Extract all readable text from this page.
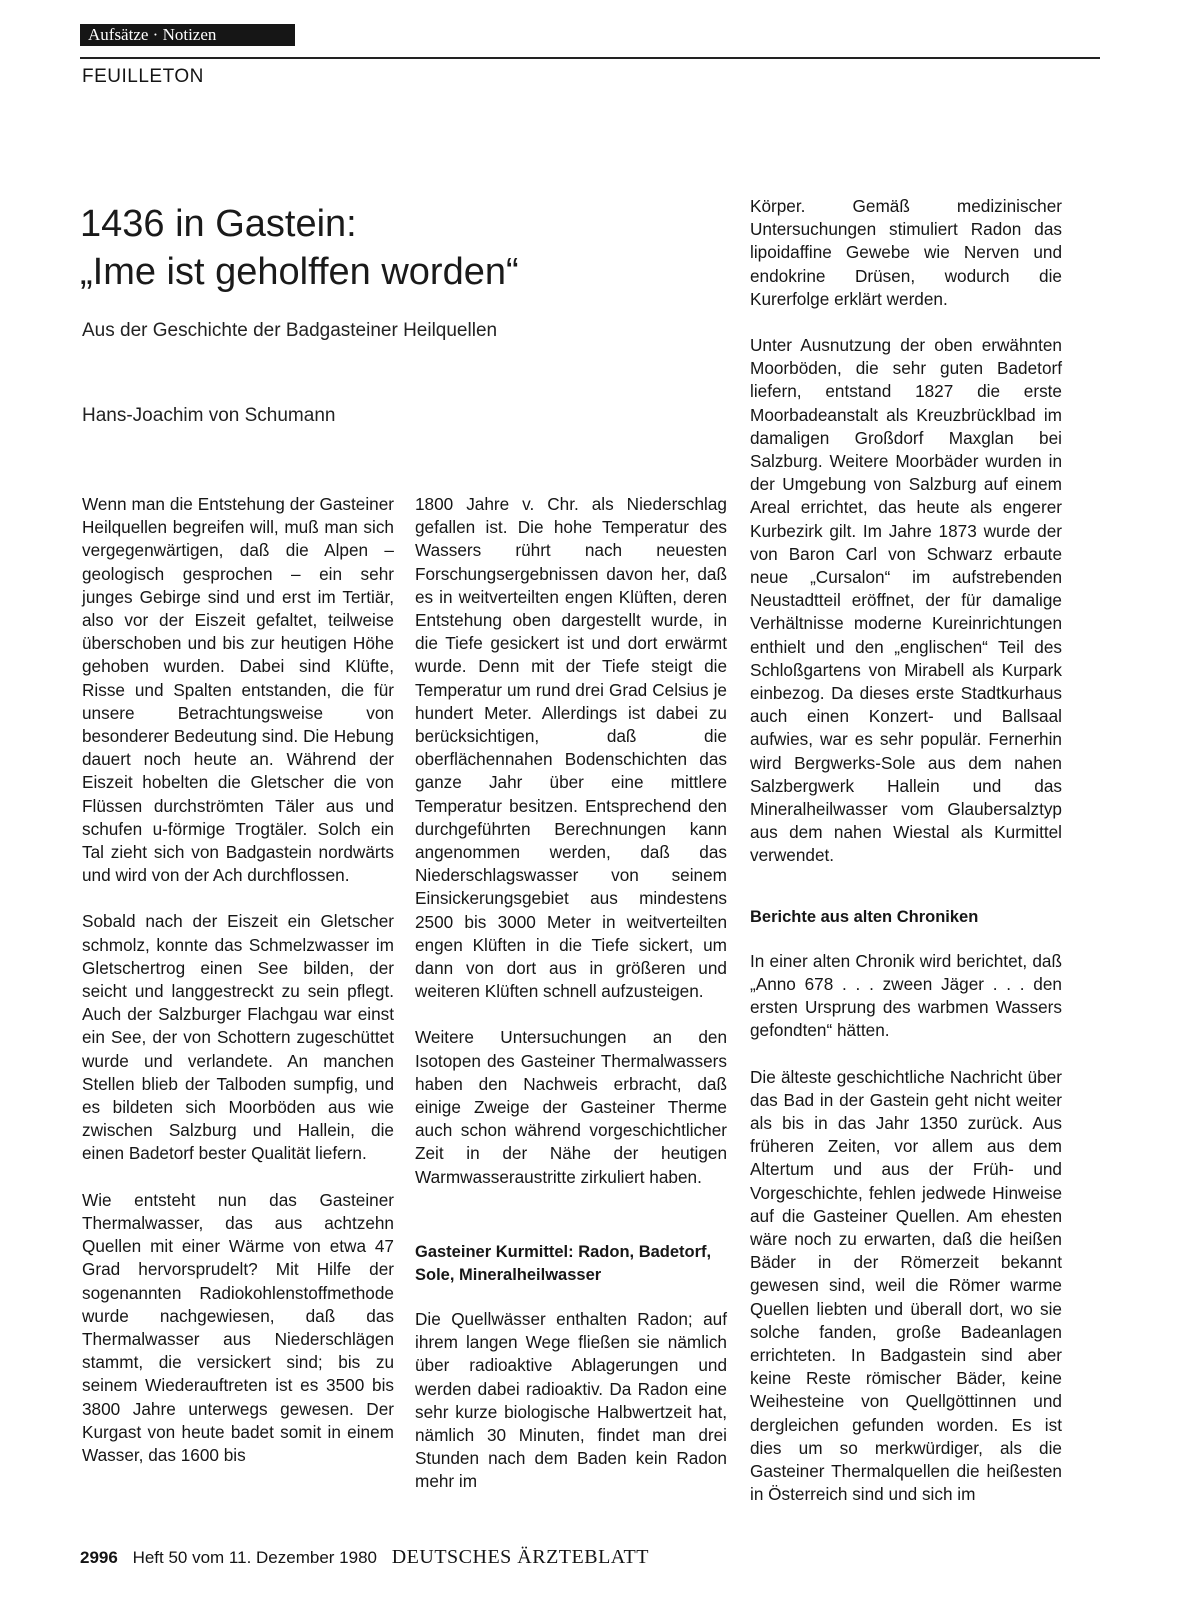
Aufsätze · Notizen
FEUILLETON
1436 in Gastein:
„Ime ist geholffen worden“
Aus der Geschichte der Badgasteiner Heilquellen
Hans-Joachim von Schumann

Wenn man die Entstehung der Gasteiner Heilquellen begreifen will, muß man sich vergegenwärtigen, daß die Alpen – geologisch gesprochen – ein sehr junges Gebirge sind und erst im Tertiär, also vor der Eiszeit gefaltet, teilweise überschoben und bis zur heutigen Höhe gehoben wurden. Dabei sind Klüfte, Risse und Spalten entstanden, die für unsere Betrachtungsweise von besonderer Bedeutung sind. Die Hebung dauert noch heute an. Während der Eiszeit hobelten die Gletscher die von Flüssen durchströmten Täler aus und schufen u-förmige Trogtäler. Solch ein Tal zieht sich von Badgastein nordwärts und wird von der Ach durchflossen.

Sobald nach der Eiszeit ein Gletscher schmolz, konnte das Schmelzwasser im Gletschertrog einen See bilden, der seicht und langgestreckt zu sein pflegt. Auch der Salzburger Flachgau war einst ein See, der von Schottern zugeschüttet wurde und verlandete. An manchen Stellen blieb der Talboden sumpfig, und es bildeten sich Moorböden aus wie zwischen Salzburg und Hallein, die einen Badetorf bester Qualität liefern.

Wie entsteht nun das Gasteiner Thermalwasser, das aus achtzehn Quellen mit einer Wärme von etwa 47 Grad hervorsprudelt? Mit Hilfe der sogenannten Radiokohlenstoffmethode wurde nachgewiesen, daß das Thermalwasser aus Niederschlägen stammt, die versickert sind; bis zu seinem Wiederauftreten ist es 3500 bis 3800 Jahre unterwegs gewesen. Der Kurgast von heute badet somit in einem Wasser, das 1600 bis

1800 Jahre v. Chr. als Niederschlag gefallen ist. Die hohe Temperatur des Wassers rührt nach neuesten Forschungsergebnissen davon her, daß es in weitverteilten engen Klüften, deren Entstehung oben dargestellt wurde, in die Tiefe gesickert ist und dort erwärmt wurde. Denn mit der Tiefe steigt die Temperatur um rund drei Grad Celsius je hundert Meter. Allerdings ist dabei zu berücksichtigen, daß die oberflächennahen Bodenschichten das ganze Jahr über eine mittlere Temperatur besitzen. Entsprechend den durchgeführten Berechnungen kann angenommen werden, daß das Niederschlagswasser von seinem Einsickerungsgebiet aus mindestens 2500 bis 3000 Meter in weitverteilten engen Klüften in die Tiefe sickert, um dann von dort aus in größeren und weiteren Klüften schnell aufzusteigen.

Weitere Untersuchungen an den Isotopen des Gasteiner Thermalwassers haben den Nachweis erbracht, daß einige Zweige der Gasteiner Therme auch schon während vorgeschichtlicher Zeit in der Nähe der heutigen Warmwasseraustritte zirkuliert haben.

Gasteiner Kurmittel: Radon, Badetorf, Sole, Mineralheilwasser

Die Quellwässer enthalten Radon; auf ihrem langen Wege fließen sie nämlich über radioaktive Ablagerungen und werden dabei radioaktiv. Da Radon eine sehr kurze biologische Halbwertzeit hat, nämlich 30 Minuten, findet man drei Stunden nach dem Baden kein Radon mehr im

Körper. Gemäß medizinischer Untersuchungen stimuliert Radon das lipoidaffine Gewebe wie Nerven und endokrine Drüsen, wodurch die Kurerfolge erklärt werden.

Unter Ausnutzung der oben erwähnten Moorböden, die sehr guten Badetorf liefern, entstand 1827 die erste Moorbadeanstalt als Kreuzbrücklbad im damaligen Großdorf Maxglan bei Salzburg. Weitere Moorbäder wurden in der Umgebung von Salzburg auf einem Areal errichtet, das heute als engerer Kurbezirk gilt. Im Jahre 1873 wurde der von Baron Carl von Schwarz erbaute neue „Cursalon“ im aufstrebenden Neustadtteil eröffnet, der für damalige Verhältnisse moderne Kureinrichtungen enthielt und den „englischen“ Teil des Schloßgartens von Mirabell als Kurpark einbezog. Da dieses erste Stadtkurhaus auch einen Konzert- und Ballsaal aufwies, war es sehr populär. Fernerhin wird Bergwerks-Sole aus dem nahen Salzbergwerk Hallein und das Mineralheilwasser vom Glaubersalztyp aus dem nahen Wiestal als Kurmittel verwendet.

Berichte aus alten Chroniken

In einer alten Chronik wird berichtet, daß „Anno 678 . . . zween Jäger . . . den ersten Ursprung des warbmen Wassers gefondten“ hätten.

Die älteste geschichtliche Nachricht über das Bad in der Gastein geht nicht weiter als bis in das Jahr 1350 zurück. Aus früheren Zeiten, vor allem aus dem Altertum und aus der Früh- und Vorgeschichte, fehlen jedwede Hinweise auf die Gasteiner Quellen. Am ehesten wäre noch zu erwarten, daß die heißen Bäder in der Römerzeit bekannt gewesen sind, weil die Römer warme Quellen liebten und überall dort, wo sie solche fanden, große Badeanlagen errichteten. In Badgastein sind aber keine Reste römischer Bäder, keine Weihesteine von Quellgöttinnen und dergleichen gefunden worden. Es ist dies um so merkwürdiger, als die Gasteiner Thermalquellen die heißesten in Österreich sind und sich im

2996 Heft 50 vom 11. Dezember 1980 DEUTSCHES ÄRZTEBLATT
